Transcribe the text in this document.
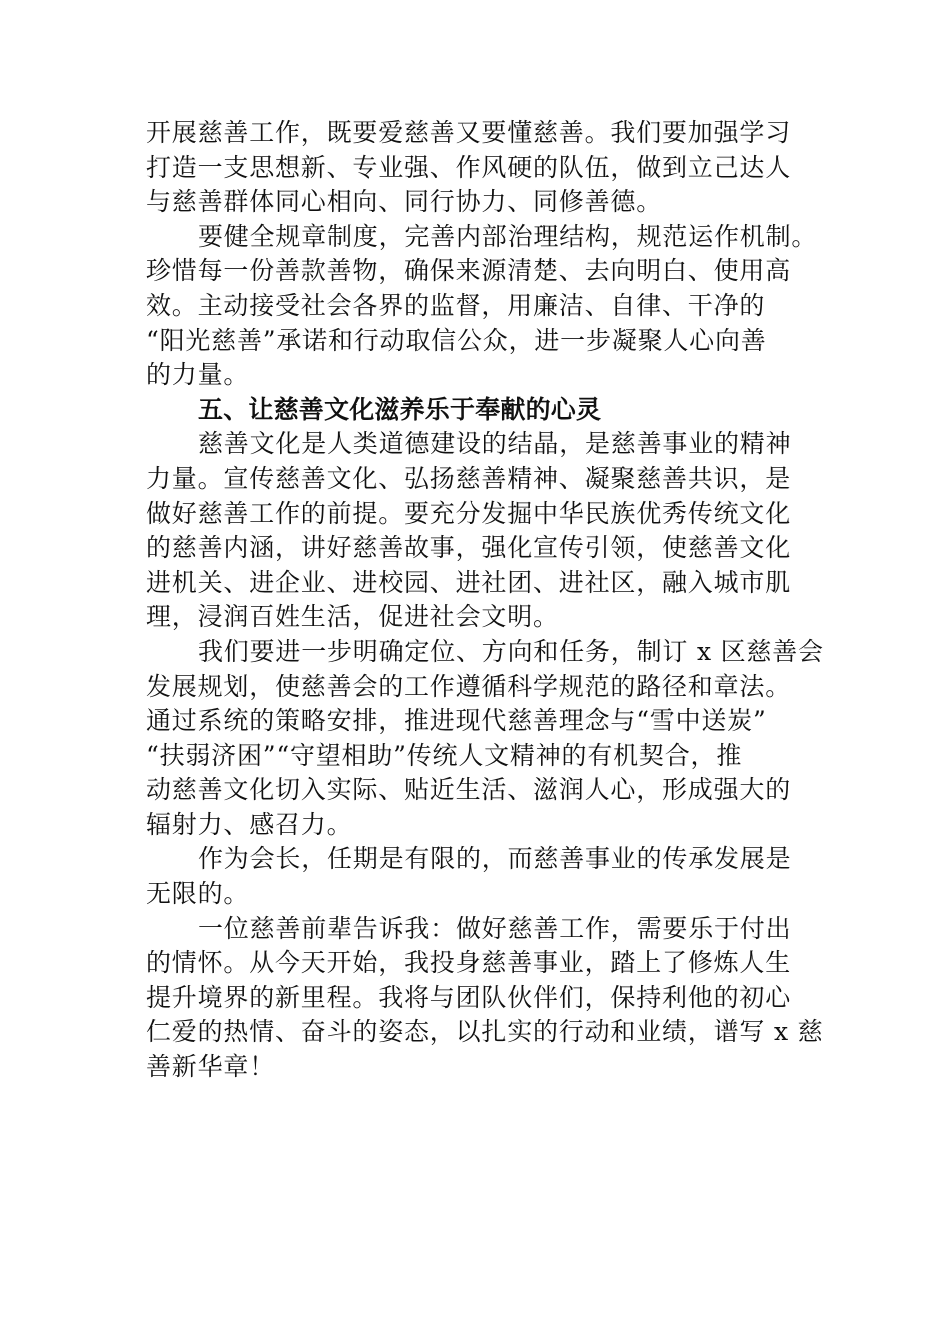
开展慈善工作，既要爱慈善又要懂慈善。我们要加强学习
打造一支思想新、专业强、作风硬的队伍，做到立己达人
与慈善群体同心相向、同行协力、同修善德。
要健全规章制度，完善内部治理结构，规范运作机制。
珍惜每一份善款善物，确保来源清楚、去向明白、使用高
效。主动接受社会各界的监督，用廉洁、自律、干净的
“阳光慈善”承诺和行动取信公众，进一步凝聚人心向善
的力量。
五、让慈善文化滋养乐于奉献的心灵
慈善文化是人类道德建设的结晶，是慈善事业的精神
力量。宣传慈善文化、弘扬慈善精神、凝聚慈善共识，是
做好慈善工作的前提。要充分发掘中华民族优秀传统文化
的慈善内涵，讲好慈善故事，强化宣传引领，使慈善文化
进机关、进企业、进校园、进社团、进社区，融入城市肌
理，浸润百姓生活，促进社会文明。
我们要进一步明确定位、方向和任务，制订 x 区慈善会
发展规划，使慈善会的工作遵循科学规范的路径和章法。
通过系统的策略安排，推进现代慈善理念与“雪中送炭”
“扶弱济困”“守望相助”传统人文精神的有机契合，推
动慈善文化切入实际、贴近生活、滋润人心，形成强大的
辐射力、感召力。
作为会长，任期是有限的，而慈善事业的传承发展是
无限的。
一位慈善前辈告诉我：做好慈善工作，需要乐于付出
的情怀。从今天开始，我投身慈善事业，踏上了修炼人生
提升境界的新里程。我将与团队伙伴们，保持利他的初心
仁爱的热情、奋斗的姿态，以扎实的行动和业绩，谱写 x 慈
善新华章！
